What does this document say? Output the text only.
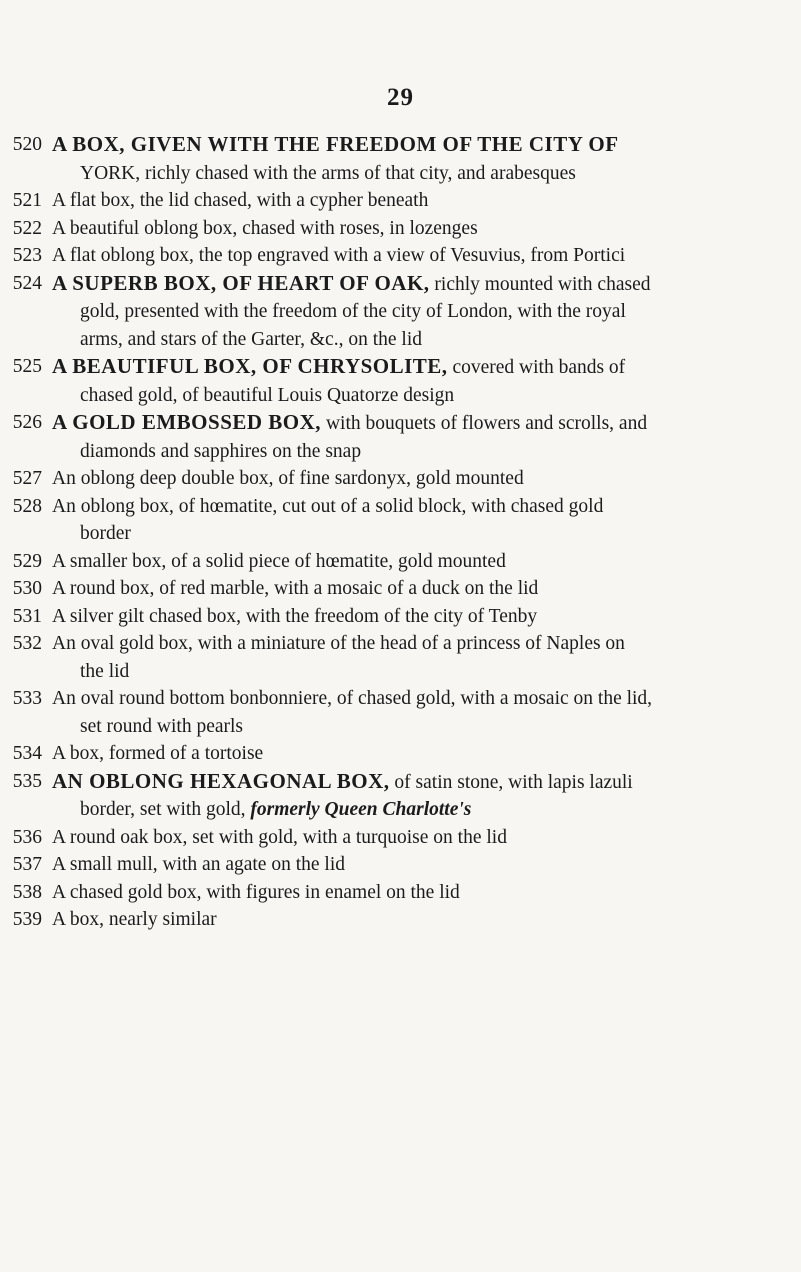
29
520 A BOX, GIVEN WITH THE FREEDOM OF THE CITY OF
YORK, richly chased with the arms of that city, and arabesques
521 A flat box, the lid chased, with a cypher beneath
522 A beautiful oblong box, chased with roses, in lozenges
523 A flat oblong box, the top engraved with a view of Vesuvius, from Portici
524 A SUPERB BOX, OF HEART OF OAK, richly mounted with chased
gold, presented with the freedom of the city of London, with the royal
arms, and stars of the Garter, &c., on the lid
525 A BEAUTIFUL BOX, OF CHRYSOLITE, covered with bands of
chased gold, of beautiful Louis Quatorze design
526 A GOLD EMBOSSED BOX, with bouquets of flowers and scrolls, and
diamonds and sapphires on the snap
527 An oblong deep double box, of fine sardonyx, gold mounted
528 An oblong box, of hœmatite, cut out of a solid block, with chased gold
border
529 A smaller box, of a solid piece of hœmatite, gold mounted
530 A round box, of red marble, with a mosaic of a duck on the lid
531 A silver gilt chased box, with the freedom of the city of Tenby
532 An oval gold box, with a miniature of the head of a princess of Naples on
the lid
533 An oval round bottom bonbonniere, of chased gold, with a mosaic on the lid,
set round with pearls
534 A box, formed of a tortoise
535 AN OBLONG HEXAGONAL BOX, of satin stone, with lapis lazuli
border, set with gold, formerly Queen Charlotte's
536 A round oak box, set with gold, with a turquoise on the lid
537 A small mull, with an agate on the lid
538 A chased gold box, with figures in enamel on the lid
539 A box, nearly similar
